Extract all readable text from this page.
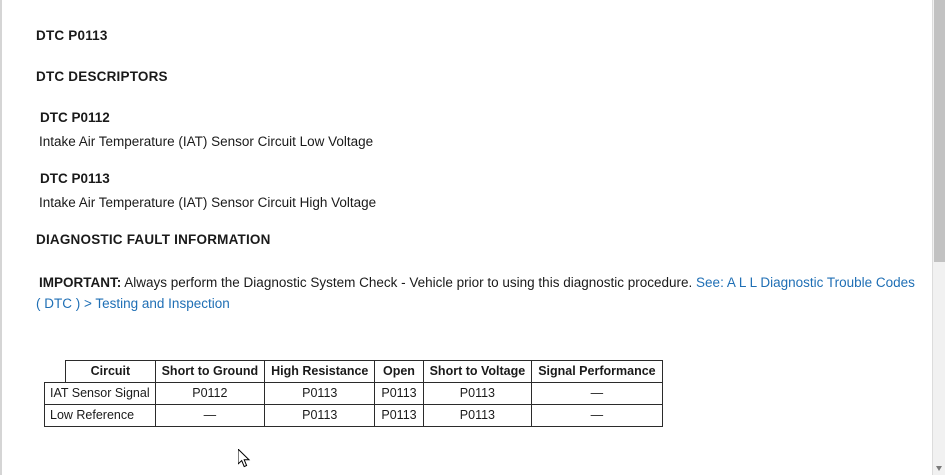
DTC P0113
DTC DESCRIPTORS
DTC P0112
Intake Air Temperature (IAT) Sensor Circuit Low Voltage
DTC P0113
Intake Air Temperature (IAT) Sensor Circuit High Voltage
DIAGNOSTIC FAULT INFORMATION
IMPORTANT: Always perform the Diagnostic System Check - Vehicle prior to using this diagnostic procedure. See: A L L Diagnostic Trouble Codes ( DTC ) > Testing and Inspection
	Circuit	Short to Ground	High Resistance	Open	Short to Voltage	Signal Performance
IAT Sensor Signal		P0112	P0113	P0113	P0113	—
Low Reference		—	P0113	P0113	P0113	—
